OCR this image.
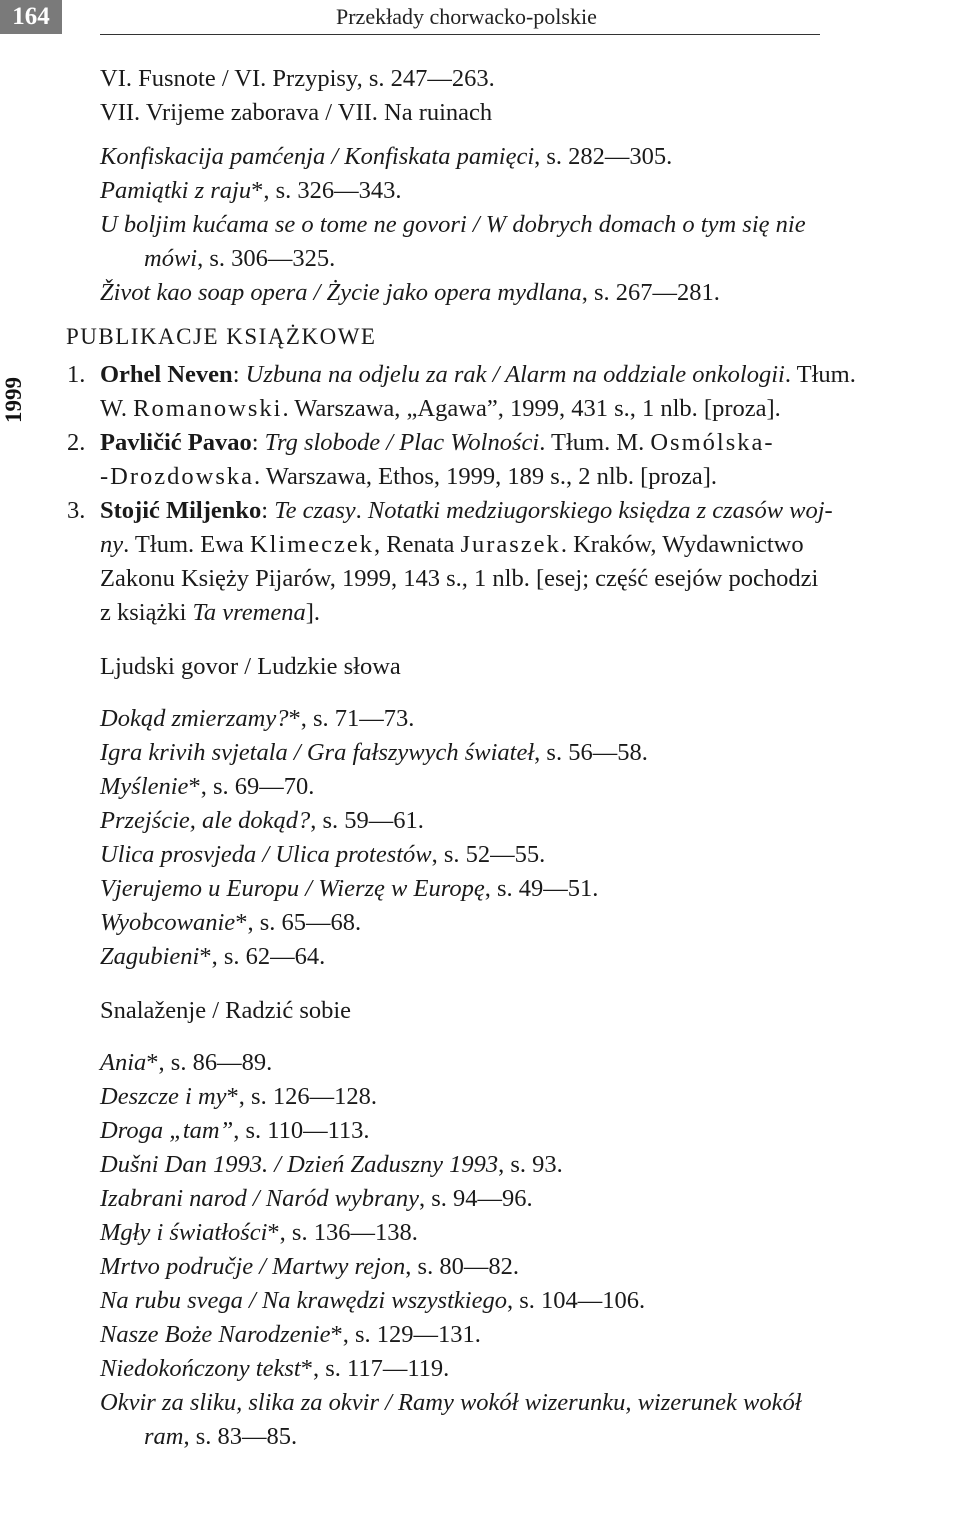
164	Przekłady chorwacko-polskie
1999
VI. Fusnote / VI. Przypisy, s. 247—263.
VII. Vrijeme zaborava / VII. Na ruinach
Konfiskacija pamćenja / Konfiskata pamięci, s. 282—305.
Pamiątki z raju*, s. 326—343.
U boljim kućama se o tome ne govori / W dobrych domach o tym się nie
mówi, s. 306—325.
Život kao soap opera / Życie jako opera mydlana, s. 267—281.
PUBLIKACJE KSIĄŻKOWE
1. Orhel Neven: Uzbuna na odjelu za rak / Alarm na oddziale onkologii. Tłum.
W. Romanowski. Warszawa, „Agawa”, 1999, 431 s., 1 nlb. [proza].
2. Pavličić Pavao: Trg slobode / Plac Wolności. Tłum. M. Osmólska-
-Drozdowska. Warszawa, Ethos, 1999, 189 s., 2 nlb. [proza].
3. Stojić Miljenko: Te czasy. Notatki medziugorskiego księdza z czasów woj-
ny. Tłum. Ewa Klimeczek, Renata Juraszek. Kraków, Wydawnictwo
Zakonu Księży Pijarów, 1999, 143 s., 1 nlb. [esej; część esejów pochodzi
z książki Ta vremena].
Ljudski govor / Ludzkie słowa
Dokąd zmierzamy?*, s. 71—73.
Igra krivih svjetala / Gra fałszywych świateł, s. 56—58.
Myślenie*, s. 69—70.
Przejście, ale dokąd?, s. 59—61.
Ulica prosvjeda / Ulica protestów, s. 52—55.
Vjerujemo u Europu / Wierzę w Europę, s. 49—51.
Wyobcowanie*, s. 65—68.
Zagubieni*, s. 62—64.
Snalaženje / Radzić sobie
Ania*, s. 86—89.
Deszcze i my*, s. 126—128.
Droga „tam”, s. 110—113.
Dušni Dan 1993. / Dzień Zaduszny 1993, s. 93.
Izabrani narod / Naród wybrany, s. 94—96.
Mgły i światłości*, s. 136—138.
Mrtvo područje / Martwy rejon, s. 80—82.
Na rubu svega / Na krawędzi wszystkiego, s. 104—106.
Nasze Boże Narodzenie*, s. 129—131.
Niedokończony tekst*, s. 117—119.
Okvir za sliku, slika za okvir / Ramy wokół wizerunku, wizerunek wokół
ram, s. 83—85.
